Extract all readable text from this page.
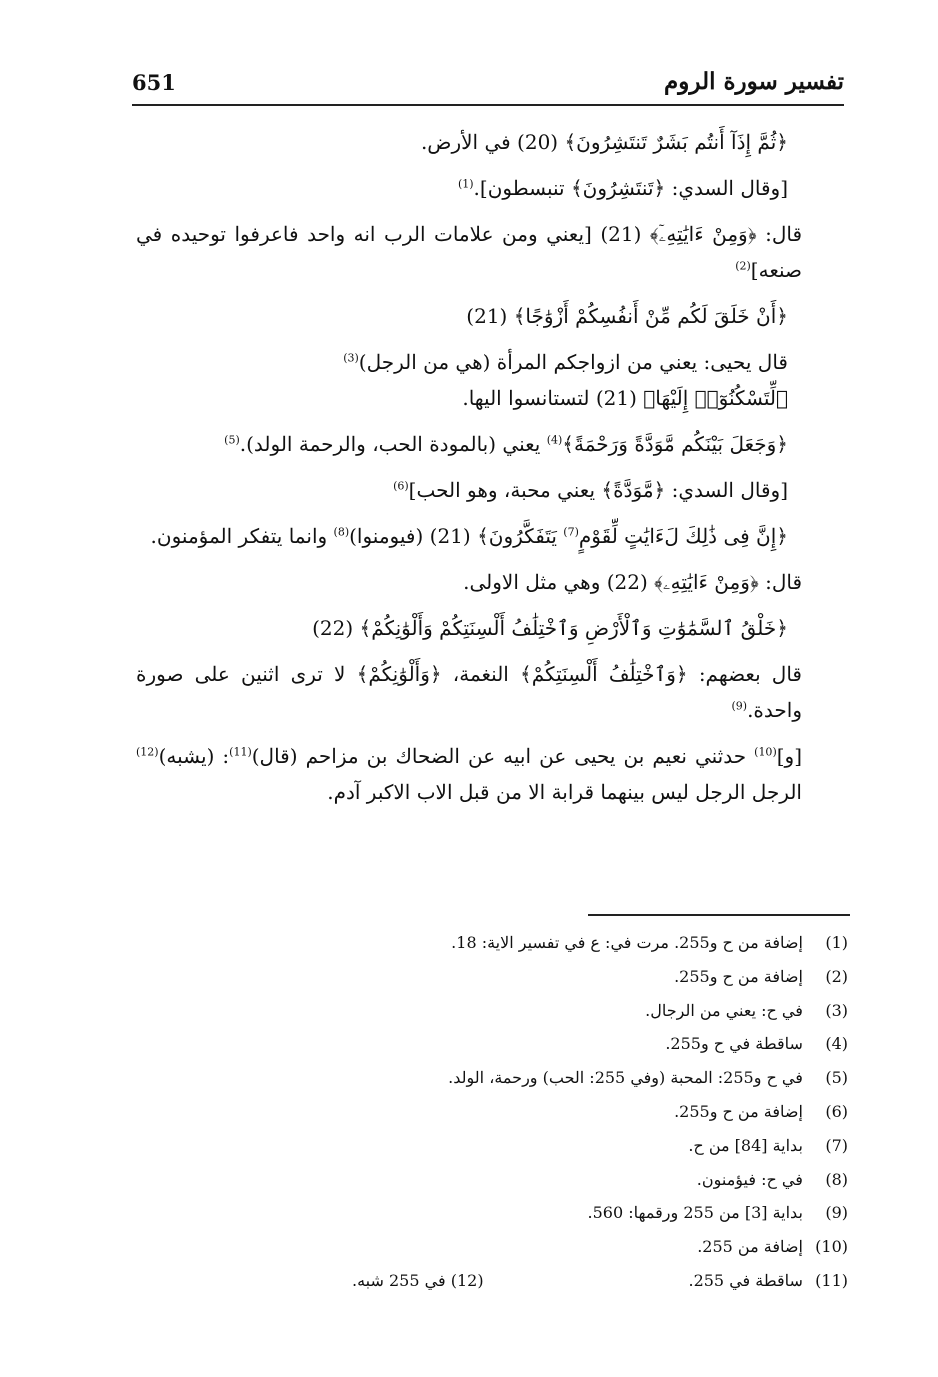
651	تفسير سورة الروم

﴿ثُمَّ إِذَآ أَنتُم بَشَرٌ تَنتَشِرُونَ﴾ (20) في الأرض.

[وقال السدي: ﴿تَنتَشِرُونَ﴾ تنبسطون].$^{(1)}$

قال: ﴿وَمِنْ ءَايَٰتِهِۦٓ﴾ (21) [يعني ومن علامات الرب انه واحد فاعرفوا توحيده في صنعه]$^{(2)}$

﴿أَنْ خَلَقَ لَكُم مِّنْ أَنفُسِكُمْ أَزْوَٰجًا﴾ (21)

قال يحيى: يعني من ازواجكم المرأة (هي من الرجل)$^{(3)}$

﴿لِّتَسْكُنُوٓا۟ إِلَيْهَا﴾ (21) لتستانسوا اليها.

﴿وَجَعَلَ بَيْنَكُم مَّوَدَّةً وَرَحْمَةً﴾$^{(4)}$ يعني (بالمودة الحب، والرحمة الولد).$^{(5)}$

[وقال السدي: ﴿مَّوَدَّةً﴾ يعني محبة، وهو الحب]$^{(6)}$

﴿إِنَّ فِى ذَٰلِكَ لَءَايَٰتٍ لِّقَوْمٍ$^{(7)}$ يَتَفَكَّرُونَ﴾ (21) (فيومنوا)$^{(8)}$ وانما يتفكر المؤمنون.

قال: ﴿وَمِنْ ءَايَٰتِهِۦ﴾ (22) وهي مثل الاولى.

﴿خَلْقُ ٱلسَّمَٰوَٰتِ وَٱلْأَرْضِ وَٱخْتِلَٰفُ أَلْسِنَتِكُمْ وَأَلْوَٰنِكُمْ﴾ (22)

قال بعضهم: ﴿وَٱخْتِلَٰفُ أَلْسِنَتِكُمْ﴾ النغمة، ﴿وَأَلْوَٰنِكُمْ﴾ لا ترى اثنين على صورة واحدة.$^{(9)}$

[و]$^{(10)}$ حدثني نعيم بن يحيى عن ابيه عن الضحاك بن مزاحم (قال)$^{(11)}$: (يشبه)$^{(12)}$ الرجل الرجل ليس بينهما قرابة الا من قبل الاب الاكبر آدم.

(1) إضافة من ح و255. مرت في: ع في تفسير الاية: 18.
(2) إضافة من ح و255.
(3) في ح: يعني من الرجال.
(4) ساقطة في ح و255.
(5) في ح و255: المحبة (وفي 255: الحب) ورحمة، الولد.
(6) إضافة من ح و255.
(7) بداية [84] من ح.
(8) في ح: فيؤمنون.
(9) بداية [3] من 255 ورقمها: 560.
(10) إضافة من 255.
(11) ساقطة في 255.
(12) في 255 شبه.
